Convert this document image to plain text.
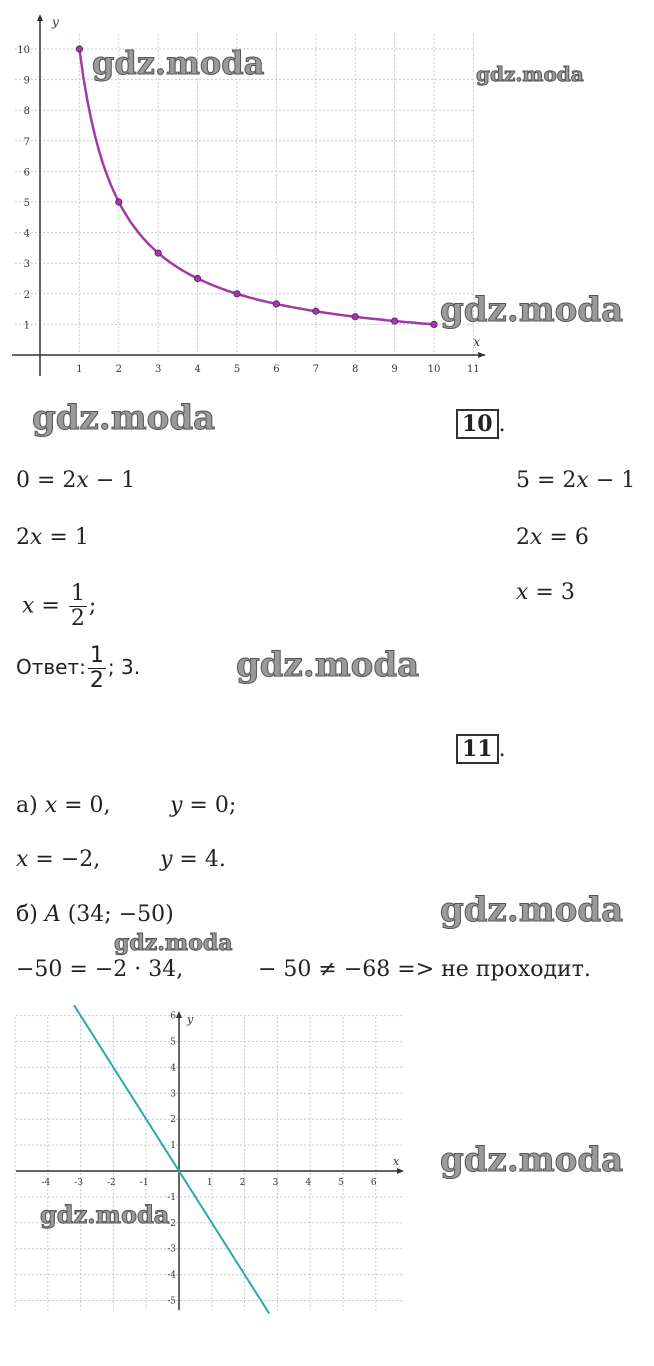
1	2	3	4	5	6	7	8	9	10	11
1
2
3
4
5
6
7
8
9
10
x
y
-4	-3	-2	-1	1	2	3	4	5	6
-5
-4
-3
-2
-1
1
2
3
4
5
6
x
y
gdz.moda	gdz.moda
gdz.moda
gdz.moda
gdz.moda
gdz.moda
gdz.moda
gdz.moda
gdz.moda
10 .
0 = 2x − 1
2x = 1
$x = \frac{1}{2}$ ;
5 = 2x − 1
2x = 6
x = 3
Ответ: $\frac{1}{2}$ ; 3.
11 .
а) x = 0,	y = 0;
x = −2,	y = 4.
б) A (34; −50)
−50 = −2 · 34,	− 50 ≠ −68 => не проходит.
